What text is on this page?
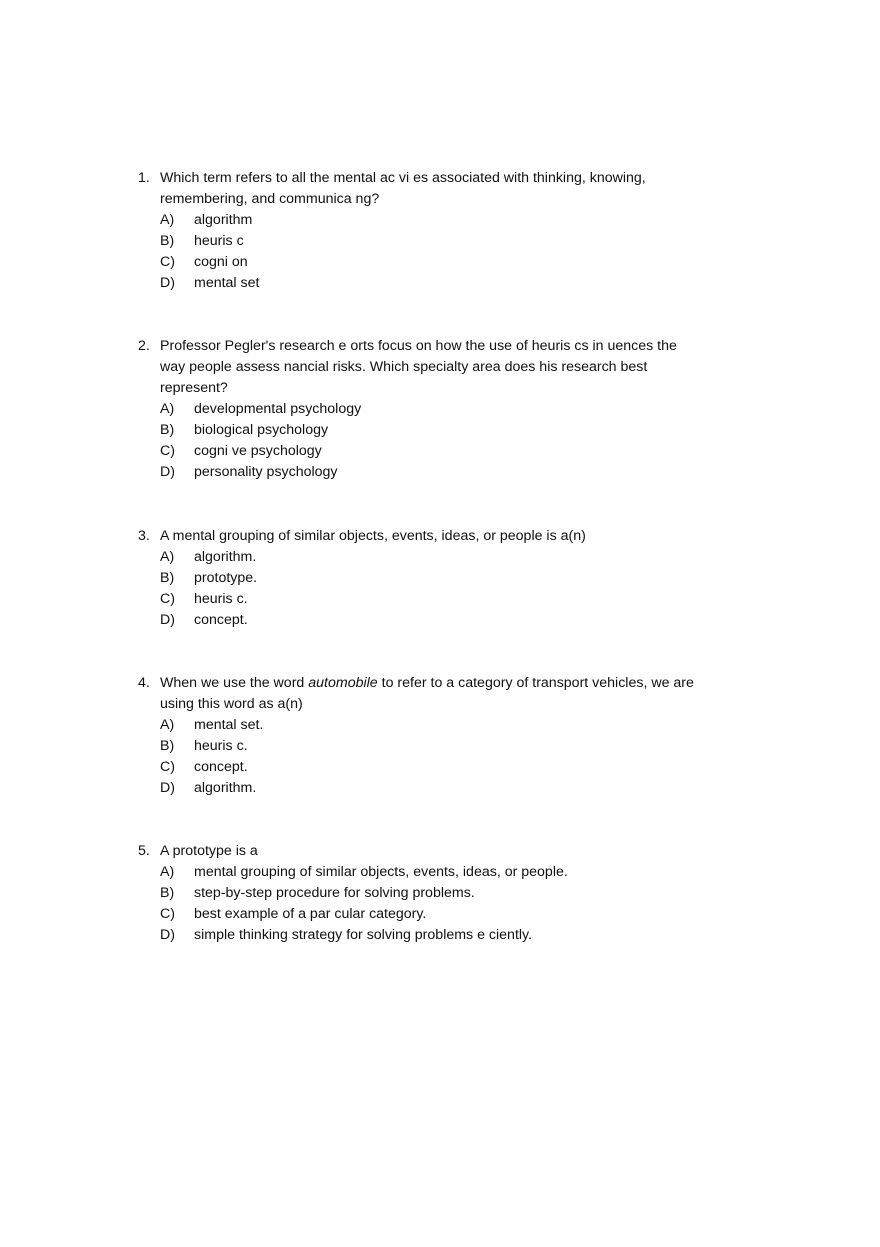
1. Which term refers to all the mental ac vi es associated with thinking, knowing,
remembering, and communica ng?
A) algorithm
B) heuris c
C) cogni on
D) mental set
2. Professor Pegler's research e orts focus on how the use of heuris cs in uences the
way people assess nancial risks. Which specialty area does his research best
represent?
A) developmental psychology
B) biological psychology
C) cogni ve psychology
D) personality psychology
3. A mental grouping of similar objects, events, ideas, or people is a(n)
A) algorithm.
B) prototype.
C) heuris c.
D) concept.
4. When we use the word automobile to refer to a category of transport vehicles, we are
using this word as a(n)
A) mental set.
B) heuris c.
C) concept.
D) algorithm.
5. A prototype is a
A) mental grouping of similar objects, events, ideas, or people.
B) step-by-step procedure for solving problems.
C) best example of a par cular category.
D) simple thinking strategy for solving problems e ciently.
